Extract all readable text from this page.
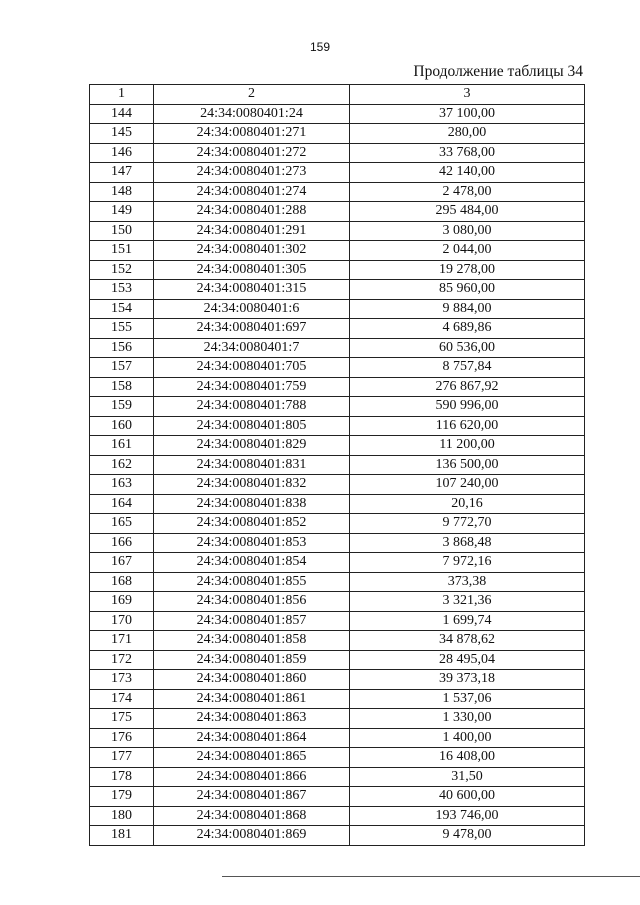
159
Продолжение таблицы 34
1	2	3
144	24:34:0080401:24	37 100,00
145	24:34:0080401:271	280,00
146	24:34:0080401:272	33 768,00
147	24:34:0080401:273	42 140,00
148	24:34:0080401:274	2 478,00
149	24:34:0080401:288	295 484,00
150	24:34:0080401:291	3 080,00
151	24:34:0080401:302	2 044,00
152	24:34:0080401:305	19 278,00
153	24:34:0080401:315	85 960,00
154	24:34:0080401:6	9 884,00
155	24:34:0080401:697	4 689,86
156	24:34:0080401:7	60 536,00
157	24:34:0080401:705	8 757,84
158	24:34:0080401:759	276 867,92
159	24:34:0080401:788	590 996,00
160	24:34:0080401:805	116 620,00
161	24:34:0080401:829	11 200,00
162	24:34:0080401:831	136 500,00
163	24:34:0080401:832	107 240,00
164	24:34:0080401:838	20,16
165	24:34:0080401:852	9 772,70
166	24:34:0080401:853	3 868,48
167	24:34:0080401:854	7 972,16
168	24:34:0080401:855	373,38
169	24:34:0080401:856	3 321,36
170	24:34:0080401:857	1 699,74
171	24:34:0080401:858	34 878,62
172	24:34:0080401:859	28 495,04
173	24:34:0080401:860	39 373,18
174	24:34:0080401:861	1 537,06
175	24:34:0080401:863	1 330,00
176	24:34:0080401:864	1 400,00
177	24:34:0080401:865	16 408,00
178	24:34:0080401:866	31,50
179	24:34:0080401:867	40 600,00
180	24:34:0080401:868	193 746,00
181	24:34:0080401:869	9 478,00
